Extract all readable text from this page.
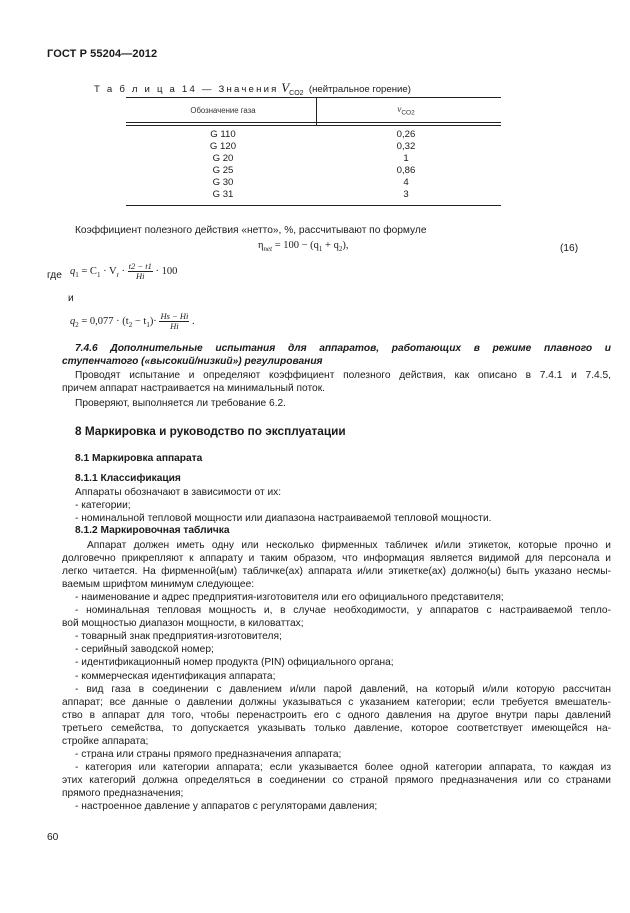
ГОСТ Р 55204—2012
Т а б л и ц а 14 — Значения $V_{CO2}$ (нейтральное горение)
Обозначение газа	$v_{CO2}$
G 110	0,26
G 120	0,32
G 20	1
G 25	0,86
G 30	4
G 31	3
Коэффициент полезного действия «нетто», %, рассчитывают по формуле
$\eta_{net} = 100 - (q_1 + q_2)$,	(16)
где $q_1 = C_1 \cdot V_r \cdot \frac{t2 - t1}{Hi} \cdot 100$
и
$q_2 = 0,077 \cdot (t_2 - t_1)\cdot \frac{Hs - Hi}{Hi}$ .
7.4.6 Дополнительные испытания для аппаратов, работающих в режиме плавного и
ступенчатого («высокий/низкий») регулирования
Проводят испытание и определяют коэффициент полезного действия, как описано в 7.4.1 и 7.4.5,
причем аппарат настраивается на минимальный поток.
Проверяют, выполняется ли требование 6.2.
8 Маркировка и руководство по эксплуатации
8.1 Маркировка аппарата
8.1.1 Классификация
Аппараты обозначают в зависимости от их:
- категории;
- номинальной тепловой мощности или диапазона настраиваемой тепловой мощности.
8.1.2 Маркировочная табличка
Аппарат должен иметь одну или несколько фирменных табличек и/или этикеток, которые прочно и
долговечно прикрепляют к аппарату и таким образом, что информация является видимой для персонала и
легко читается. На фирменной(ым) табличке(ах) аппарата и/или этикетке(ах) должно(ы) быть указано несмы-
ваемым шрифтом минимум следующее:
- наименование и адрес предприятия-изготовителя или его официального представителя;
- номинальная тепловая мощность и, в случае необходимости, у аппаратов с настраиваемой тепло-
вой мощностью диапазон мощности, в киловаттах;
- товарный знак предприятия-изготовителя;
- серийный заводской номер;
- идентификационный номер продукта (PIN) официального органа;
- коммерческая идентификация аппарата;
- вид газа в соединении с давлением и/или парой давлений, на который и/или которую рассчитан
аппарат; все данные о давлении должны указываться с указанием категории; если требуется вмешатель-
ство в аппарат для того, чтобы перенастроить его с одного давления на другое внутри пары давлений
третьего семейства, то допускается указывать только давление, которое соответствует имеющейся на-
стройке аппарата;
- страна или страны прямого предназначения аппарата;
- категория или категории аппарата; если указывается более одной категории аппарата, то каждая из
этих категорий должна определяться в соединении со страной прямого предназначения или со странами
прямого предназначения;
- настроенное давление у аппаратов с регуляторами давления;
60
